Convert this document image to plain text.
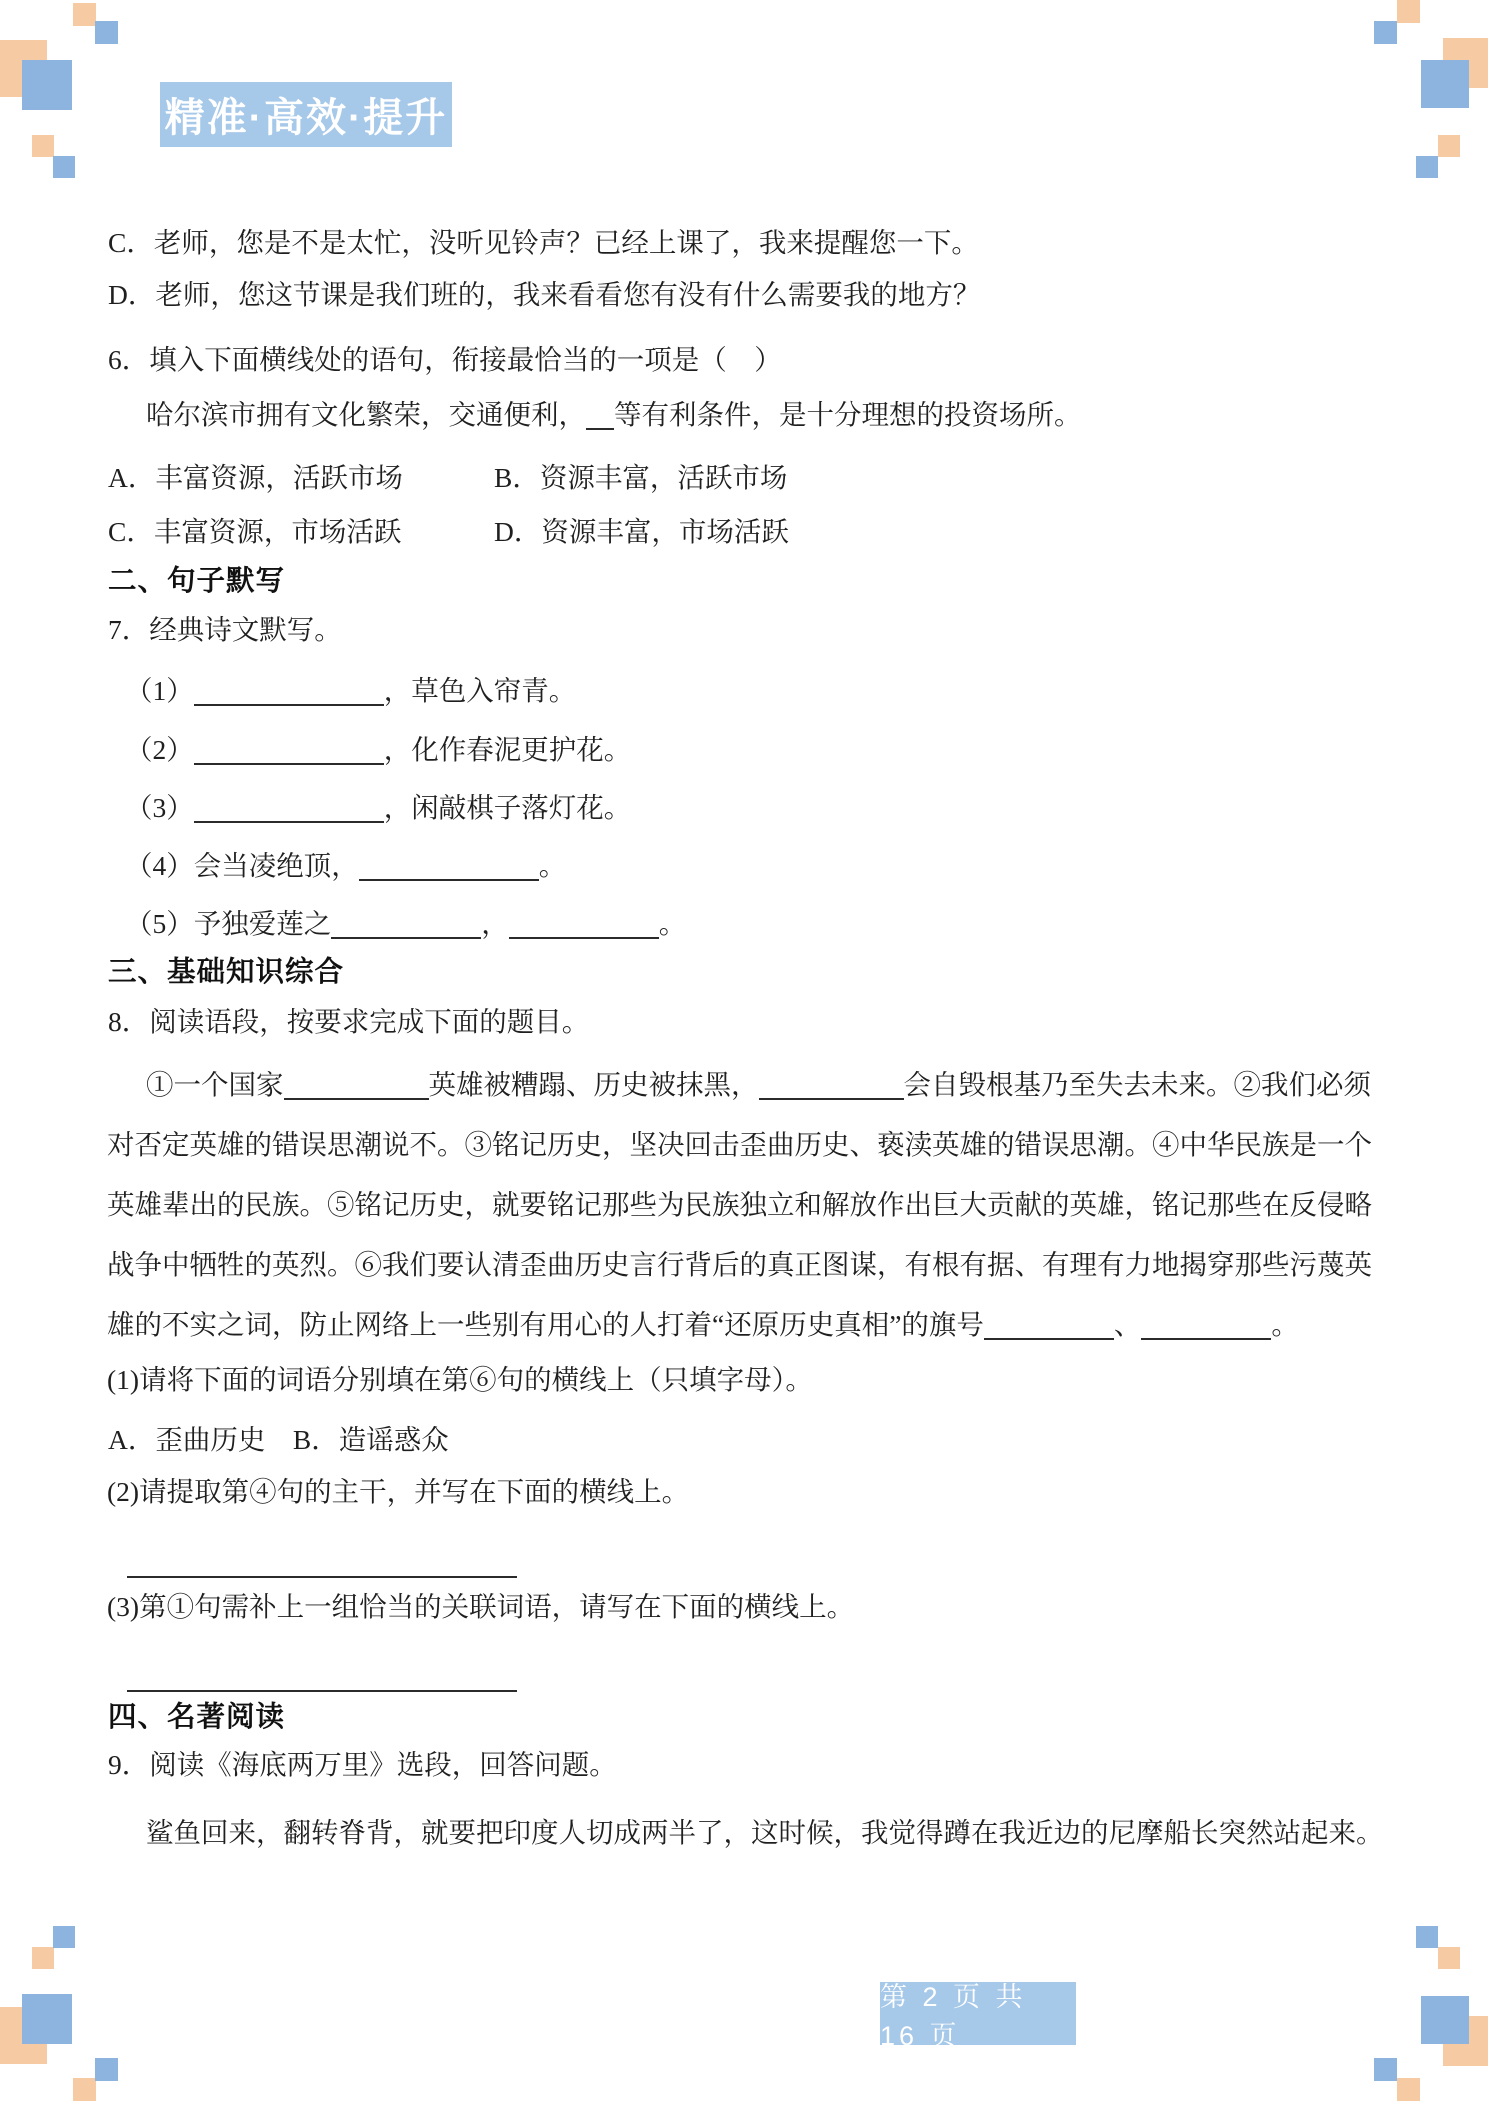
精准·高效·提升
C．老师，您是不是太忙，没听见铃声？已经上课了，我来提醒您一下。
D．老师，您这节课是我们班的，我来看看您有没有什么需要我的地方？
6．填入下面横线处的语句，衔接最恰当的一项是（　）
哈尔滨市拥有文化繁荣，交通便利， 等有利条件，是十分理想的投资场所。
A．丰富资源，活跃市场	B．资源丰富，活跃市场
C．丰富资源，市场活跃	D．资源丰富，市场活跃
二、句子默写
7．经典诗文默写。
（1）	，草色入帘青。
（2）	，化作春泥更护花。
（3）	，闲敲棋子落灯花。
（4）会当凌绝顶，	。
（5）予独爱莲之	，	。
三、基础知识综合
8．阅读语段，按要求完成下面的题目。
①一个国家	英雄被糟蹋、历史被抹黑，	会自毁根基乃至失去未来。②我们必须
对否定英雄的错误思潮说不。③铭记历史，坚决回击歪曲历史、亵渎英雄的错误思潮。④中华民族是一个
英雄辈出的民族。⑤铭记历史，就要铭记那些为民族独立和解放作出巨大贡献的英雄，铭记那些在反侵略
战争中牺牲的英烈。⑥我们要认清歪曲历史言行背后的真正图谋，有根有据、有理有力地揭穿那些污蔑英
雄的不实之词，防止网络上一些别有用心的人打着“还原历史真相”的旗号	、	。
(1)请将下面的词语分别填在第⑥句的横线上（只填字母）。
A．歪曲历史　B．造谣惑众
(2)请提取第④句的主干，并写在下面的横线上。
(3)第①句需补上一组恰当的关联词语，请写在下面的横线上。
四、名著阅读
9．阅读《海底两万里》选段，回答问题。
鲨鱼回来，翻转脊背，就要把印度人切成两半了，这时候，我觉得蹲在我近边的尼摩船长突然站起来。
第 2 页 共 16 页
